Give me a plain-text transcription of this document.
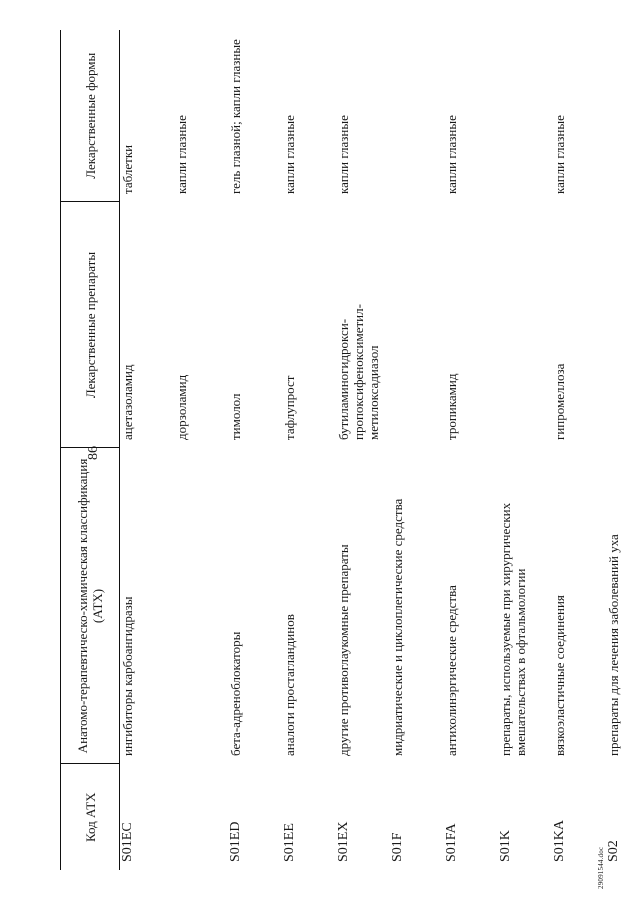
86
Код АТХ	Анатомо-терапевтическо-химическая классификация (АТХ)	Лекарственные препараты	Лекарственные формы
S01EC	ингибиторы карбоангидразы	ацетазоламид	таблетки
		дорзоламид	капли глазные
S01ED	бета-адреноблокаторы	тимолол	гель глазной; капли глазные
S01EE	аналоги простагландинов	тафлупрост	капли глазные
S01EX	другие противоглаукомные препараты	бутиламиногидрокси-пропоксифеноксиметил-метилоксадиазол	капли глазные
S01F	мидриатические и циклоплегические средства		
S01FA	антихолинэргические средства	тропикамид	капли глазные
S01K	препараты, используемые при хирургических вмешательствах в офтальмологии		
S01KA	вязкоэластичные соединения	гипромеллоза	капли глазные
S02	препараты для лечения заболеваний уха		
29091544.doc
